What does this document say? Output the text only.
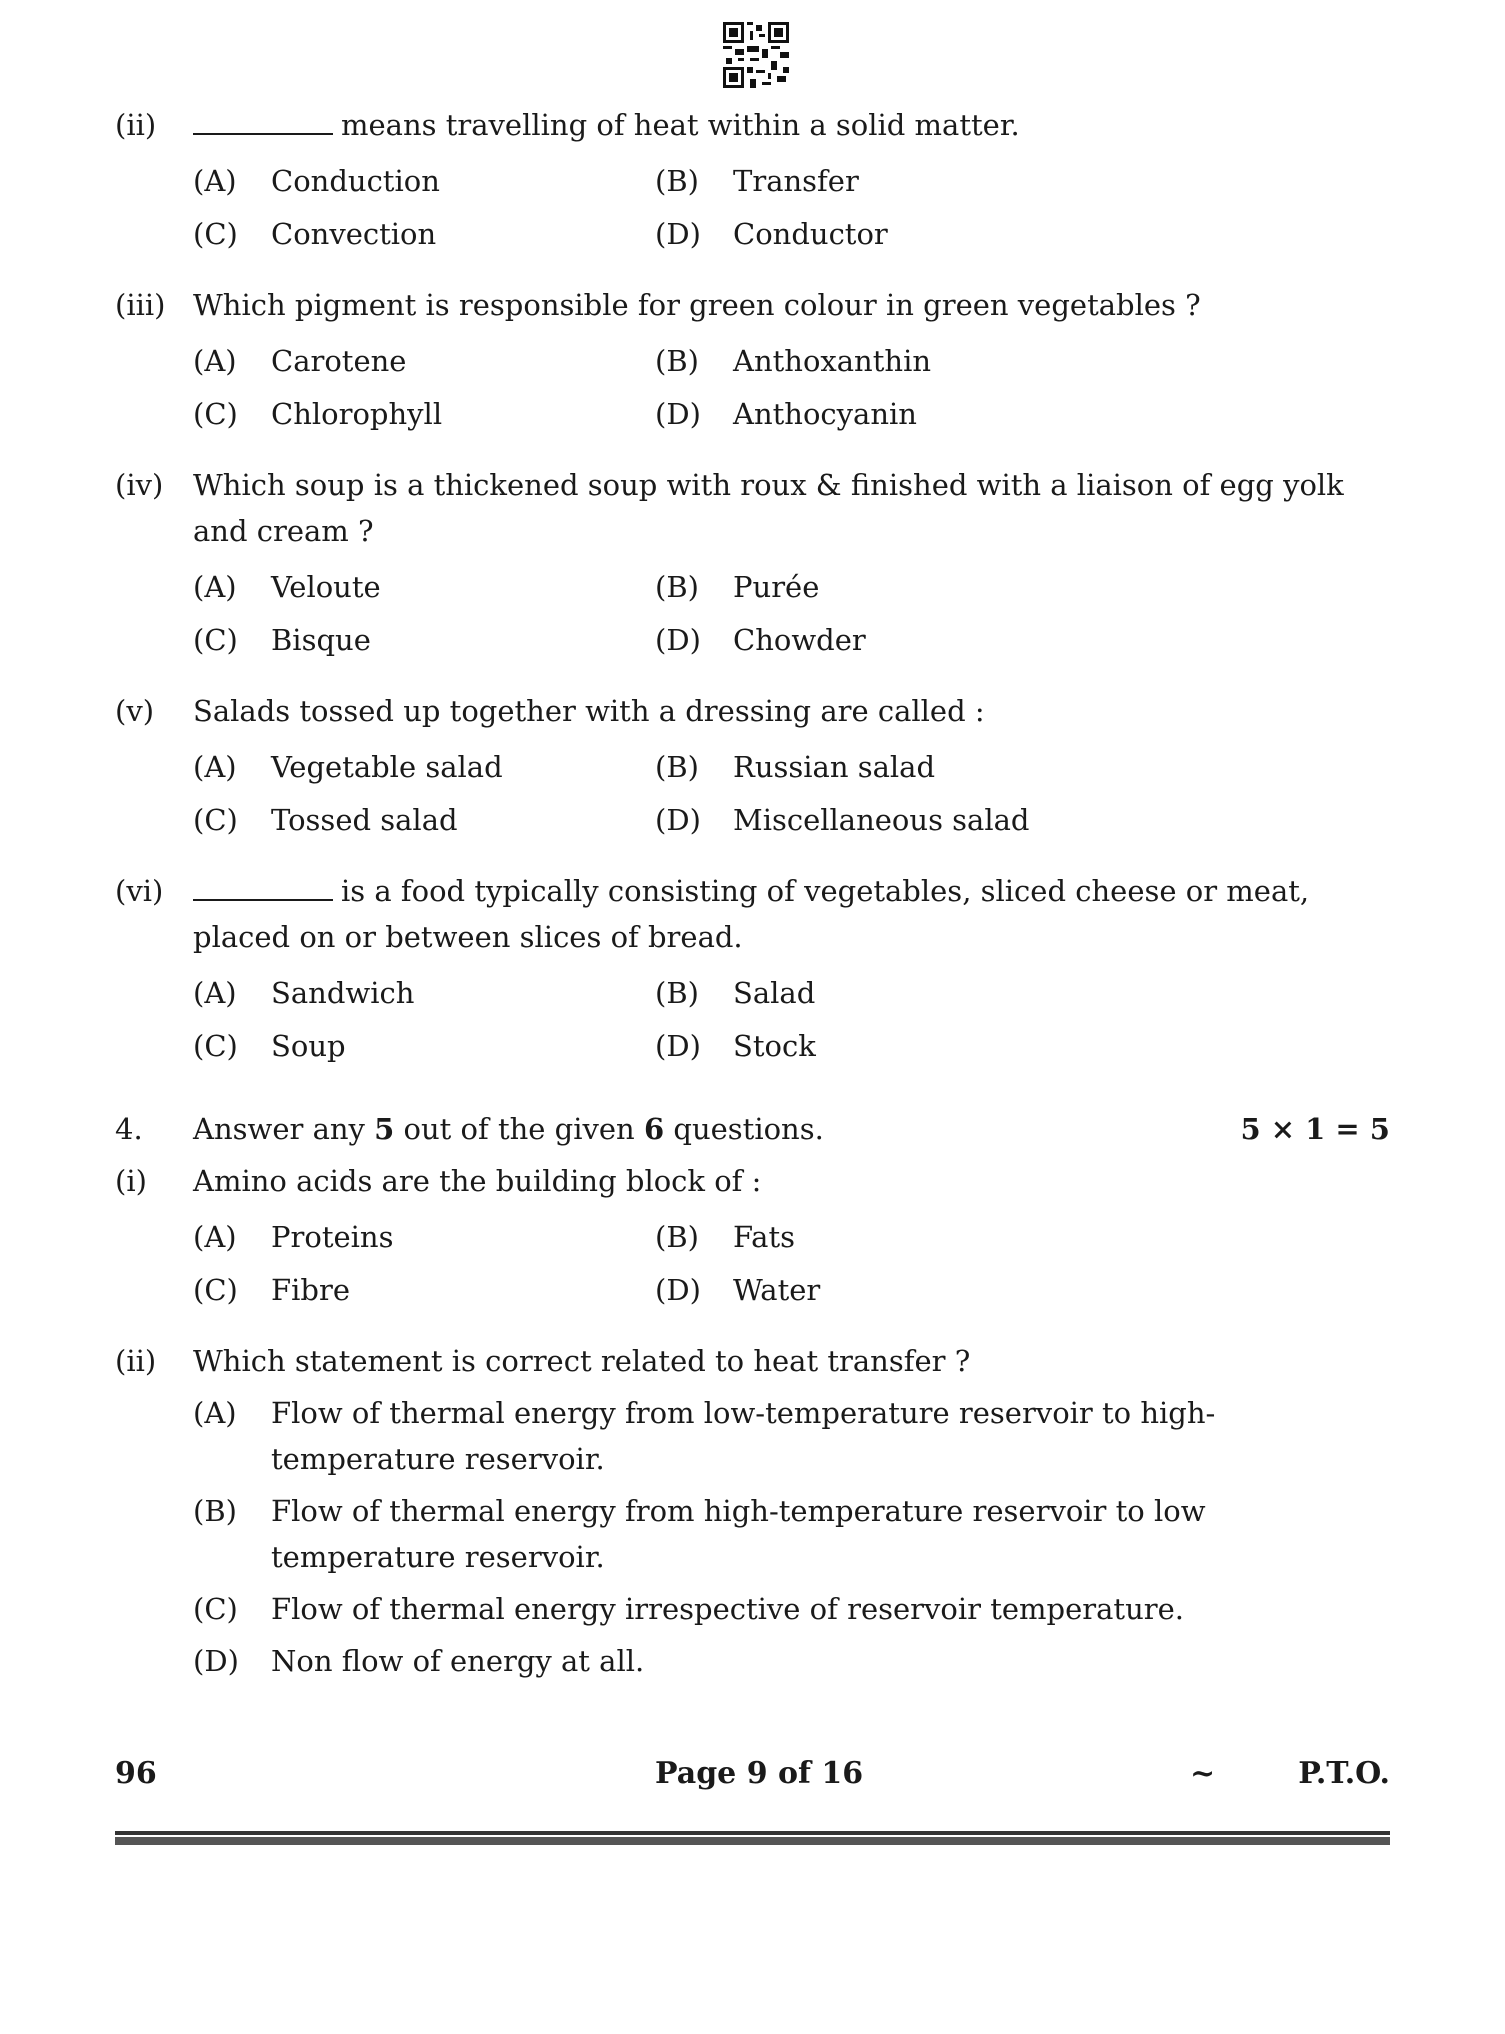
(ii)	means travelling of heat within a solid matter.
(A)	Conduction	(B)	Transfer
(C)	Convection	(D)	Conductor
(iii) Which pigment is responsible for green colour in green vegetables ?
(A)	Carotene	(B)	Anthoxanthin
(C)	Chlorophyll	(D)	Anthocyanin
(iv)	Which soup is a thickened soup with roux & finished with a liaison of egg yolk and cream ?
(A)	Veloute	(B)	Purée
(C)	Bisque	(D)	Chowder
(v)	Salads tossed up together with a dressing are called :
(A)	Vegetable salad	(B)	Russian salad
(C)	Tossed salad	(D)	Miscellaneous salad
(vi)	is a food typically consisting of vegetables, sliced cheese or meat, placed on or between slices of bread.
(A)	Sandwich	(B)	Salad
(C)	Soup	(D)	Stock
4.	Answer any 5 out of the given 6 questions.	5 × 1 = 5
(i)	Amino acids are the building block of :
(A)	Proteins	(B)	Fats
(C)	Fibre	(D)	Water
(ii)	Which statement is correct related to heat transfer ?
(A)	Flow of thermal energy from low-temperature reservoir to high-temperature reservoir.
(B)	Flow of thermal energy from high-temperature reservoir to low temperature reservoir.
(C)	Flow of thermal energy irrespective of reservoir temperature.
(D)	Non flow of energy at all.
96	Page 9 of 16	~	P.T.O.
